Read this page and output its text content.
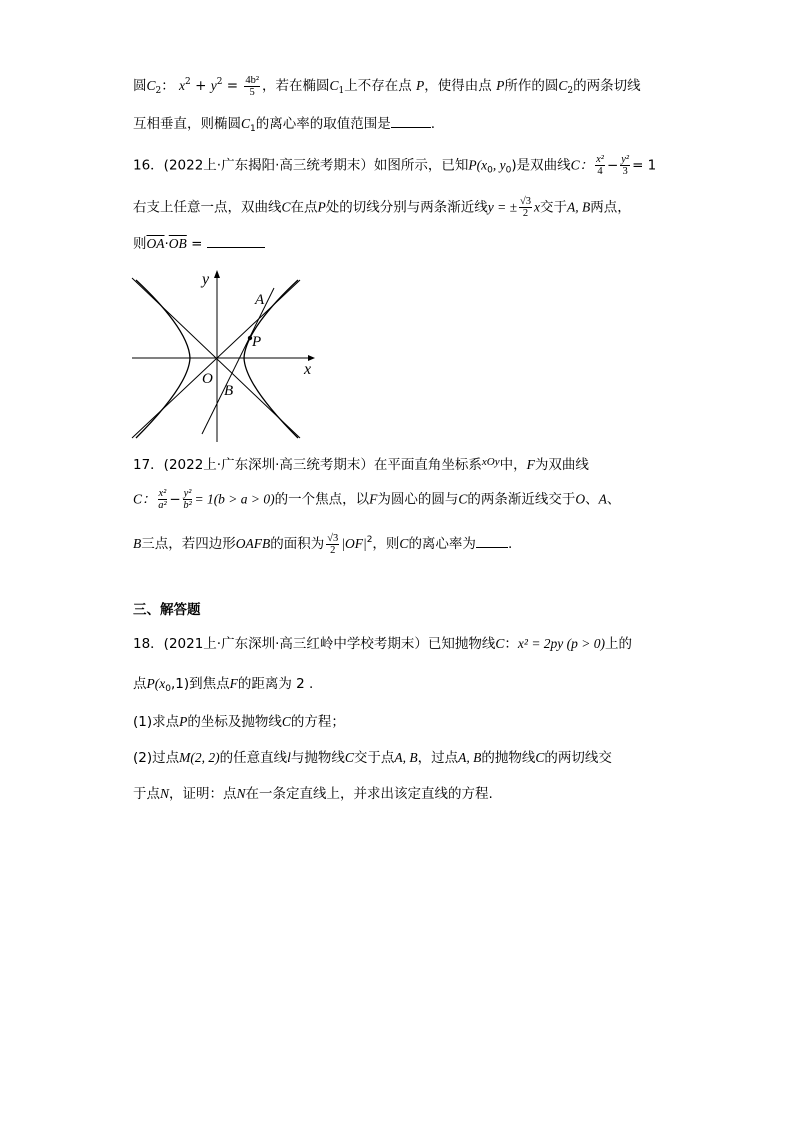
圆$C_2$： $x^2 + y^2 = \frac{\text{4b²}}{5}$ ，若在椭圆$C_1$上不存在点 P，使得由点 P所作的圆$C_2$的两条切线
互相垂直，则椭圆$C_1$的离心率的取值范围是	.
16．(2022上·广东揭阳·高三统考期末）如图所示，已知$P(x_0$, $y_0$)是双曲线C： $\frac{\text{x²}}{4} - \frac{\text{y²}}{3} = 1$
右支上任意一点，双曲线C在点P处的切线分别与两条渐近线y = ± $\frac{√3}{2}$ x交于A, B两点，
则$\overline{OA}\cdot\overline{OB}$ =
y
x
A
P
O
B
17．(2022上·广东深圳·高三统考期末）在平面直角坐标系$^{xOy}$中，F为双曲线
C： $\frac{\text{x²}}{\text{a²}} - \frac{\text{y²}}{\text{b²}} = 1(b > a > 0)$的一个焦点，以F为圆心的圆与C的两条渐近线交于O、A、
B三点，若四边形OAFB的面积为 $\frac{√3}{2} |OF|^2$，则C的离心率为 .
三、解答题
18．(2021上·广东深圳·高三红岭中学校考期末）已知抛物线C：x² = 2py (p > 0)上的
点$P(x_0,1)$到焦点F的距离为 2 .
(1)求点P的坐标及抛物线C的方程；
(2)过点M(2, 2)的任意直线l与抛物线C交于点A, B，过点A, B的抛物线C的两切线交
于点N，证明：点N在一条定直线上，并求出该定直线的方程.
